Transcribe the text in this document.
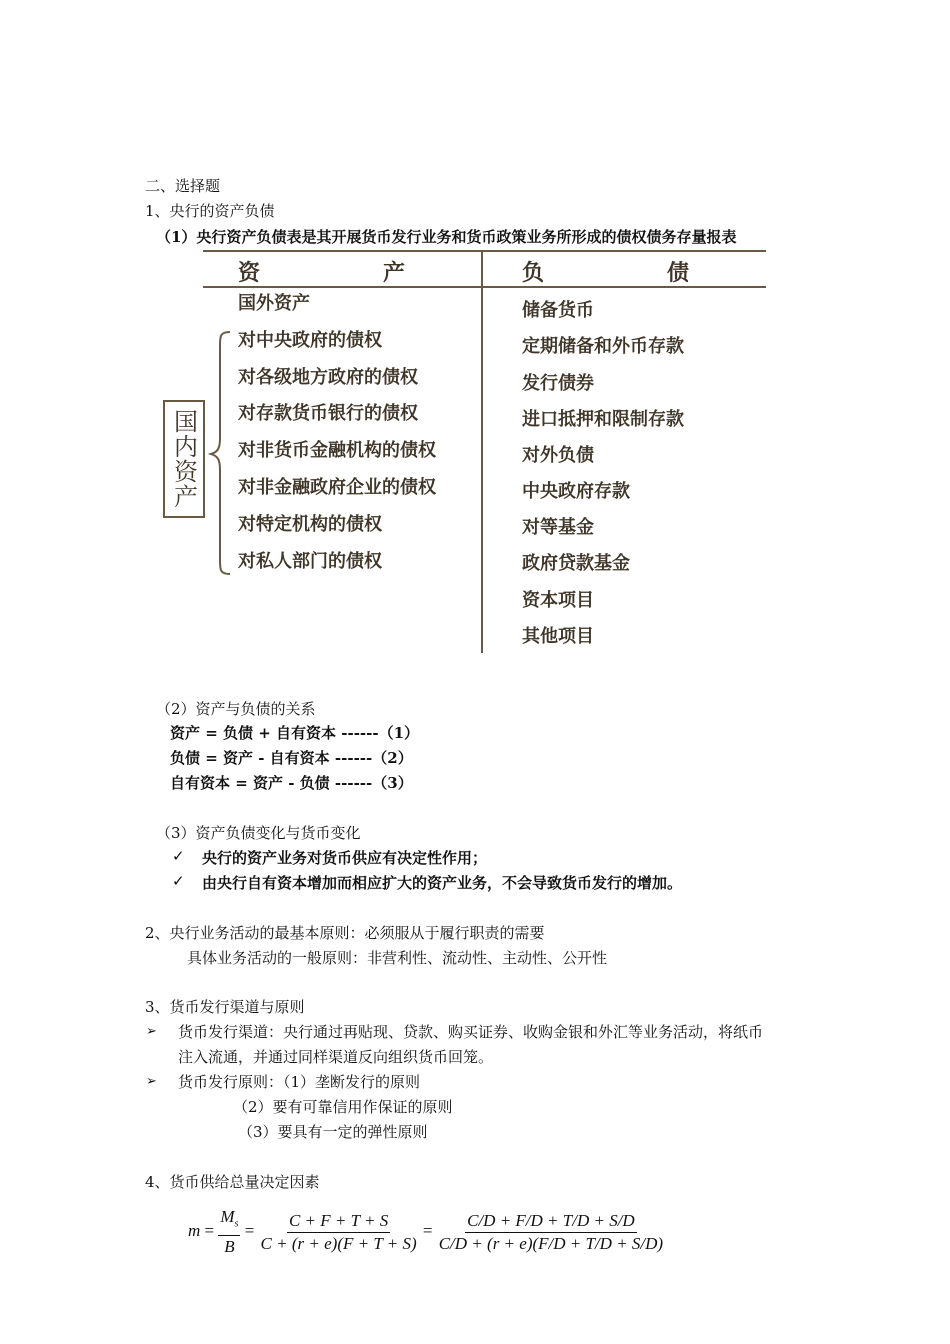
二、选择题
1、央行的资产负债
（1）央行资产负债表是其开展货币发行业务和货币政策业务所形成的债权债务存量报表
资	产	负	债
国外资产
国内资产
对中央政府的债权
对各级地方政府的债权
对存款货币银行的债权
对非货币金融机构的债权
对非金融政府企业的债权
对特定机构的债权
对私人部门的债权
储备货币
定期储备和外币存款
发行债券
进口抵押和限制存款
对外负债
中央政府存款
对等基金
政府贷款基金
资本项目
其他项目
（2）资产与负债的关系
资产 = 负债 + 自有资本 ------（1）
负债 = 资产 - 自有资本 ------（2）
自有资本 = 资产 - 负债 ------（3）
（3）资产负债变化与货币变化
✓ 央行的资产业务对货币供应有决定性作用；
✓ 由央行自有资本增加而相应扩大的资产业务，不会导致货币发行的增加。
2、央行业务活动的最基本原则：必须服从于履行职责的需要
具体业务活动的一般原则：非营利性、流动性、主动性、公开性
3、货币发行渠道与原则
➢ 货币发行渠道：央行通过再贴现、贷款、购买证券、收购金银和外汇等业务活动，将纸币
注入流通，并通过同样渠道反向组织货币回笼。
➢ 货币发行原则：（1）垄断发行的原则
（2）要有可靠信用作保证的原则
（3）要具有一定的弹性原则
4、货币供给总量决定因素
$m = \frac{M_s}{B} = \frac{C + F + T + S}{C + (r + e)(F + T + S)} = \frac{C/D + F/D + T/D + S/D}{C/D + (r + e)(F/D + T/D + S/D)}$
